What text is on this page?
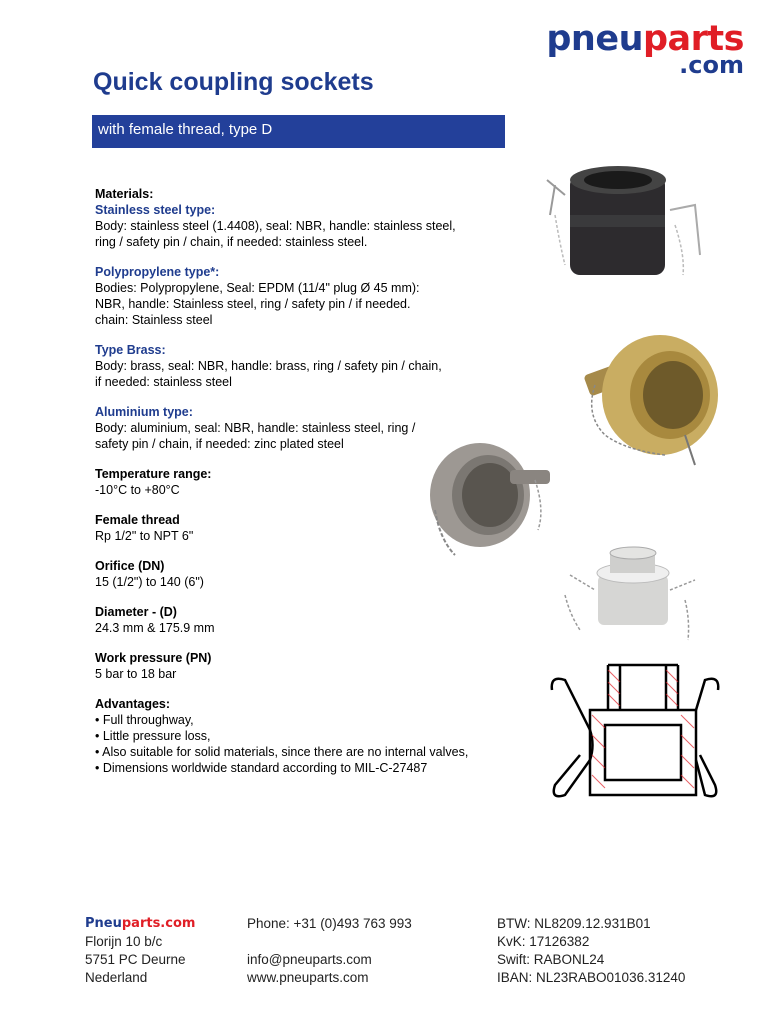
pneuparts
.com
Quick coupling sockets
with female thread, type D
Materials:
Stainless steel type:
Body: stainless steel (1.4408), seal: NBR, handle: stainless steel,
ring / safety pin / chain, if needed: stainless steel.
Polypropylene type*:
Bodies: Polypropylene, Seal: EPDM (11/4" plug Ø 45 mm):
NBR, handle: Stainless steel, ring / safety pin / if needed.
chain: Stainless steel
Type Brass:
Body: brass, seal: NBR, handle: brass, ring / safety pin / chain,
if needed: stainless steel
Aluminium type:
Body: aluminium, seal: NBR, handle: stainless steel, ring /
safety pin / chain, if needed: zinc plated steel
Temperature range:
-10°C to +80°C
Female thread
Rp 1/2" to NPT 6"
Orifice (DN)
15 (1/2") to 140 (6")
Diameter - (D)
24.3 mm & 175.9 mm
Work pressure (PN)
5 bar to 18 bar
Advantages:
• Full throughway,
• Little pressure loss,
• Also suitable for solid materials, since there are no internal valves,
• Dimensions worldwide standard according to MIL-C-27487
Pneuparts.com
Florijn 10 b/c
5751 PC Deurne
Nederland
Phone: +31 (0)493 763 993
info@pneuparts.com
www.pneuparts.com
BTW: NL8209.12.931B01
KvK: 17126382
Swift: RABONL24
IBAN: NL23RABO01036.31240
